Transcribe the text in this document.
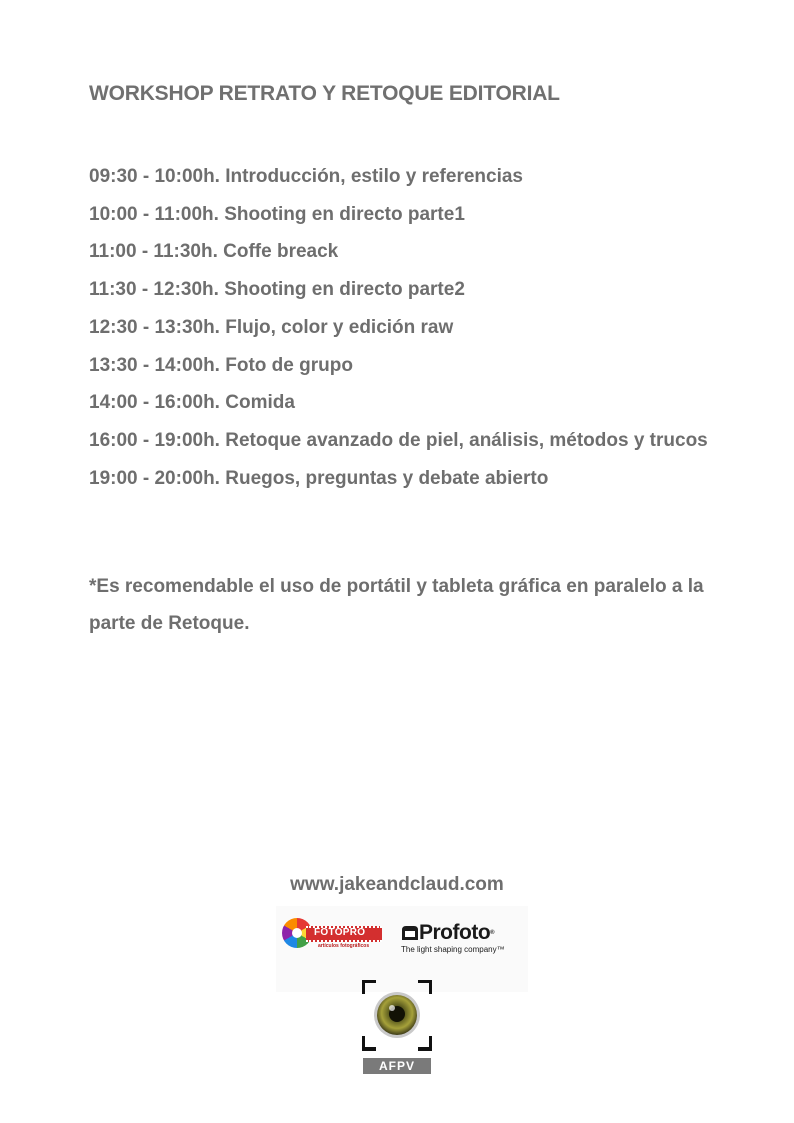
WORKSHOP RETRATO Y RETOQUE EDITORIAL
09:30 - 10:00h. Introducción, estilo y referencias
10:00 - 11:00h. Shooting en directo parte1
11:00 - 11:30h. Coffe breack
11:30 - 12:30h. Shooting en directo parte2
12:30 - 13:30h. Flujo, color y edición raw
13:30 - 14:00h. Foto de grupo
14:00 - 16:00h. Comida
16:00 - 19:00h. Retoque avanzado de piel, análisis, métodos y trucos
19:00 - 20:00h. Ruegos, preguntas y debate abierto
*Es recomendable el uso de portátil y tableta gráfica en paralelo a la parte de Retoque.
www.jakeandclaud.com
FOTOPRO
artículos fotográficos
Profoto®
The light shaping company™
AFPV
